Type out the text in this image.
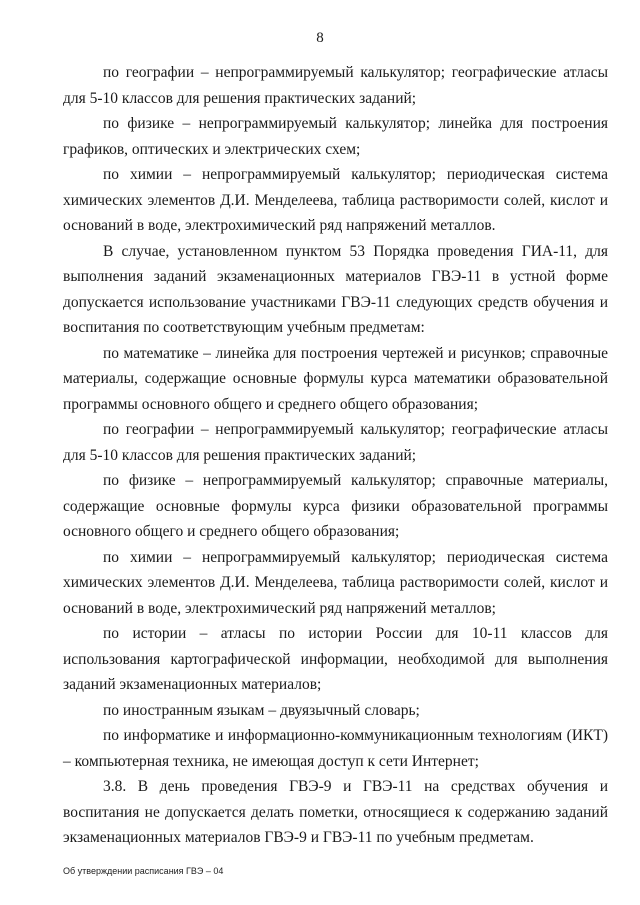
8

по географии – непрограммируемый калькулятор; географические атласы для 5-10 классов для решения практических заданий;

по физике – непрограммируемый калькулятор; линейка для построения графиков, оптических и электрических схем;

по химии – непрограммируемый калькулятор; периодическая система химических элементов Д.И. Менделеева, таблица растворимости солей, кислот и оснований в воде, электрохимический ряд напряжений металлов.

В случае, установленном пунктом 53 Порядка проведения ГИА-11, для выполнения заданий экзаменационных материалов ГВЭ-11 в устной форме допускается использование участниками ГВЭ-11 следующих средств обучения и воспитания по соответствующим учебным предметам:

по математике – линейка для построения чертежей и рисунков; справочные материалы, содержащие основные формулы курса математики образовательной программы основного общего и среднего общего образования;

по географии – непрограммируемый калькулятор; географические атласы для 5-10 классов для решения практических заданий;

по физике – непрограммируемый калькулятор; справочные материалы, содержащие основные формулы курса физики образовательной программы основного общего и среднего общего образования;

по химии – непрограммируемый калькулятор; периодическая система химических элементов Д.И. Менделеева, таблица растворимости солей, кислот и оснований в воде, электрохимический ряд напряжений металлов;

по истории – атласы по истории России для 10-11 классов для использования картографической информации, необходимой для выполнения заданий экзаменационных материалов;

по иностранным языкам – двуязычный словарь;

по информатике и информационно-коммуникационным технологиям (ИКТ) – компьютерная техника, не имеющая доступ к сети Интернет;

3.8. В день проведения ГВЭ-9 и ГВЭ-11 на средствах обучения и воспитания не допускается делать пометки, относящиеся к содержанию заданий экзаменационных материалов ГВЭ-9 и ГВЭ-11 по учебным предметам.

Об утверждении расписания ГВЭ – 04
